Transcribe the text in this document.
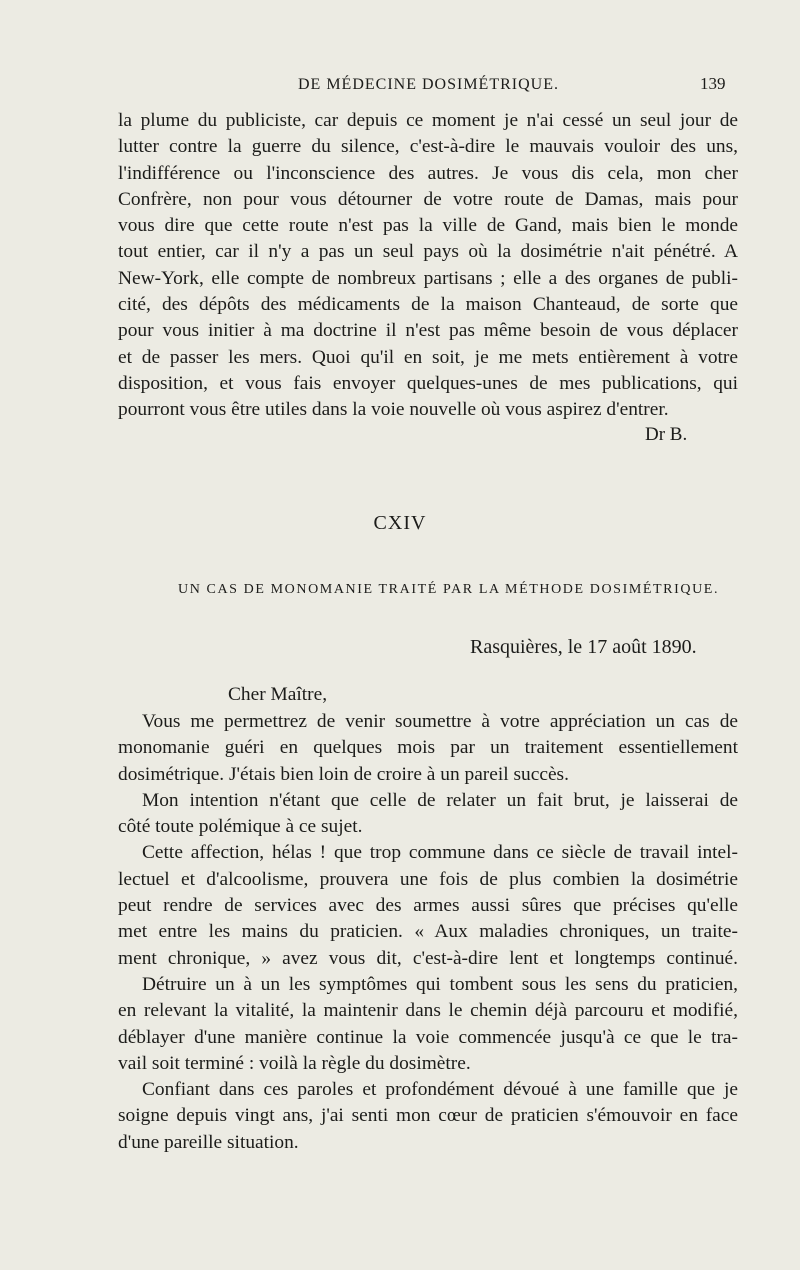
DE MÉDECINE DOSIMÉTRIQUE.	139
la plume du publiciste, car depuis ce moment je n'ai cessé un seul jour de
lutter contre la guerre du silence, c'est-à-dire le mauvais vouloir des uns,
l'indifférence ou l'inconscience des autres. Je vous dis cela, mon cher
Confrère, non pour vous détourner de votre route de Damas, mais pour
vous dire que cette route n'est pas la ville de Gand, mais bien le monde
tout entier, car il n'y a pas un seul pays où la dosimétrie n'ait pénétré. A
New-York, elle compte de nombreux partisans ; elle a des organes de publi-
cité, des dépôts des médicaments de la maison Chanteaud, de sorte que
pour vous initier à ma doctrine il n'est pas même besoin de vous déplacer
et de passer les mers. Quoi qu'il en soit, je me mets entièrement à votre
disposition, et vous fais envoyer quelques-unes de mes publications, qui
pourront vous être utiles dans la voie nouvelle où vous aspirez d'entrer.
Dr B.
CXIV
UN CAS DE MONOMANIE TRAITÉ PAR LA MÉTHODE DOSIMÉTRIQUE.
Rasquières, le 17 août 1890.
Cher Maître,
Vous me permettrez de venir soumettre à votre appréciation un cas de
monomanie guéri en quelques mois par un traitement essentiellement
dosimétrique. J'étais bien loin de croire à un pareil succès.
Mon intention n'étant que celle de relater un fait brut, je laisserai de
côté toute polémique à ce sujet.
Cette affection, hélas ! que trop commune dans ce siècle de travail intel-
lectuel et d'alcoolisme, prouvera une fois de plus combien la dosimétrie
peut rendre de services avec des armes aussi sûres que précises qu'elle
met entre les mains du praticien. « Aux maladies chroniques, un traite-
ment chronique, » avez vous dit, c'est-à-dire lent et longtemps continué.
Détruire un à un les symptômes qui tombent sous les sens du praticien,
en relevant la vitalité, la maintenir dans le chemin déjà parcouru et modifié,
déblayer d'une manière continue la voie commencée jusqu'à ce que le tra-
vail soit terminé : voilà la règle du dosimètre.
Confiant dans ces paroles et profondément dévoué à une famille que je
soigne depuis vingt ans, j'ai senti mon cœur de praticien s'émouvoir en face
d'une pareille situation.
